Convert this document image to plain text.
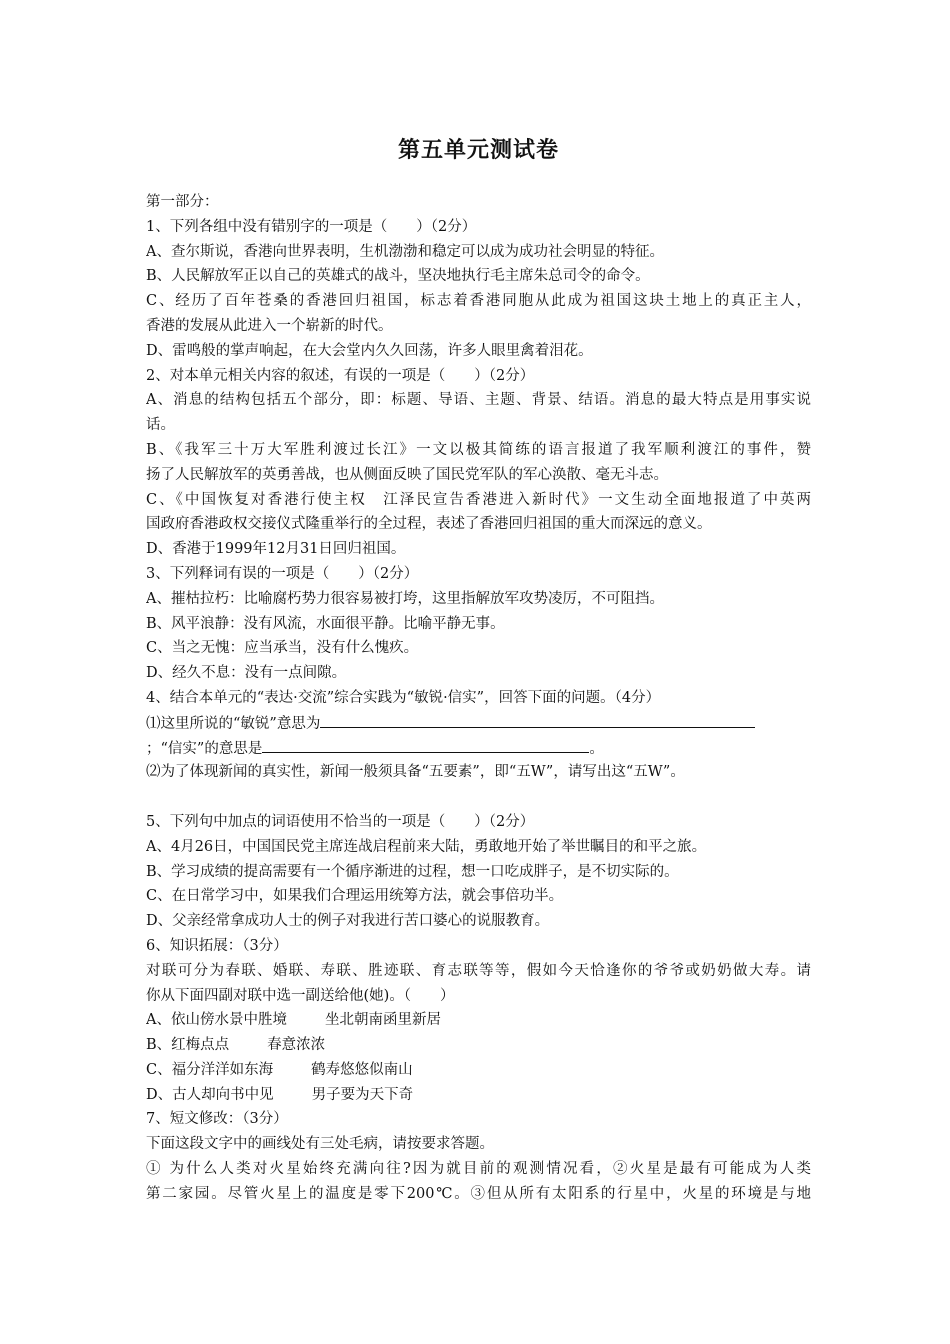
第五单元测试卷
第一部分：
1、下列各组中没有错别字的一项是（　　）（2分）
A、查尔斯说，香港向世界表明，生机渤渤和稳定可以成为成功社会明显的特征。
B、人民解放军正以自己的英雄式的战斗，坚决地执行毛主席朱总司令的命令。
C、经历了百年苍桑的香港回归祖国，标志着香港同胞从此成为祖国这块土地上的真正主人，
香港的发展从此进入一个崭新的时代。
D、雷鸣般的掌声响起，在大会堂内久久回荡，许多人眼里禽着泪花。
2、对本单元相关内容的叙述，有误的一项是（　　）（2分）
A、消息的结构包括五个部分，即：标题、导语、主题、背景、结语。消息的最大特点是用事实说
话。
B、《我军三十万大军胜利渡过长江》一文以极其简练的语言报道了我军顺利渡江的事件，赞
扬了人民解放军的英勇善战，也从侧面反映了国民党军队的军心涣散、毫无斗志。
C、《中国恢复对香港行使主权　江泽民宣告香港进入新时代》一文生动全面地报道了中英两
国政府香港政权交接仪式隆重举行的全过程，表述了香港回归祖国的重大而深远的意义。
D、香港于1999年12月31日回归祖国。
3、下列释词有误的一项是（　　）（2分）
A、摧枯拉朽：比喻腐朽势力很容易被打垮，这里指解放军攻势凌厉，不可阻挡。
B、风平浪静：没有风流，水面很平静。比喻平静无事。
C、当之无愧：应当承当，没有什么愧疚。
D、经久不息：没有一点间隙。
4、结合本单元的“表达·交流”综合实践为“敏锐·信实”，回答下面的问题。（4分）
⑴这里所说的“敏锐”意思为
；“信实”的意思是	。
⑵为了体现新闻的真实性，新闻一般须具备“五要素”，即“五W”，请写出这“五W”。
5、下列句中加点的词语使用不恰当的一项是（　　）（2分）
A、4月26日，中国国民党主席连战启程前来大陆，勇敢地开始了举世瞩目的和平之旅。
B、学习成绩的提高需要有一个循序渐进的过程，想一口吃成胖子，是不切实际的。
C、在日常学习中，如果我们合理运用统筹方法，就会事倍功半。
D、父亲经常拿成功人士的例子对我进行苦口婆心的说服教育。
6、知识拓展：（3分）
对联可分为春联、婚联、寿联、胜迹联、育志联等等，假如今天恰逢你的爷爷或奶奶做大寿。请
你从下面四副对联中选一副送给他(她)。（　　）
A、依山傍水景中胜境	坐北朝南函里新居
B、红梅点点	春意浓浓
C、福分洋洋如东海	鹤寿悠悠似南山
D、古人却向书中见	男子要为天下奇
7、短文修改：（3分）
下面这段文字中的画线处有三处毛病，请按要求答题。
① 为什么人类对火星始终充满向往?因为就目前的观测情况看，②火星是最有可能成为人类
第二家园。尽管火星上的温度是零下200℃。③但从所有太阳系的行星中，火星的环境是与地
